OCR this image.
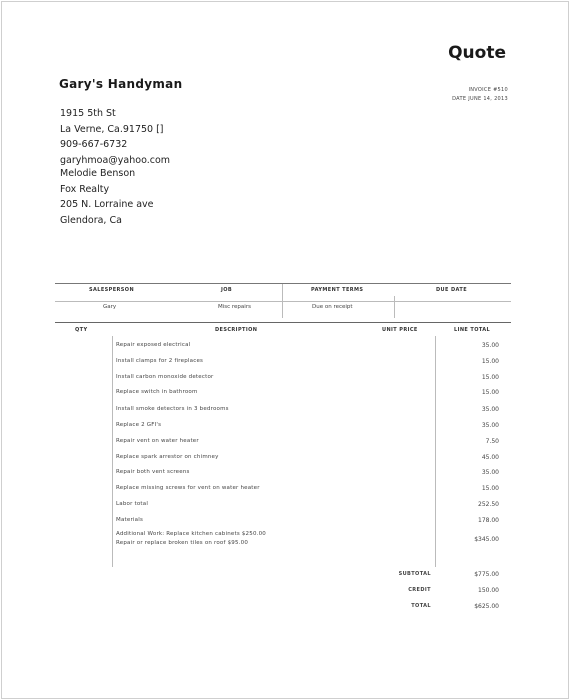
Quote
Gary's Handyman	INVOICE #510
DATE JUNE 14, 2013
1915 5th St
La Verne, Ca.91750 []
909-667-6732
garyhmoa@yahoo.com
Melodie Benson
Fox Realty
205 N. Lorraine ave
Glendora, Ca
SALESPERSON	JOB	PAYMENT TERMS	DUE DATE
Gary	Misc repairs	Due on receipt
QTY	DESCRIPTION	UNIT PRICE	LINE TOTAL
Repair exposed electrical	35.00
Install clamps for 2 fireplaces	15.00
Install carbon monoxide detector	15.00
Replace switch in bathroom	15.00
Install smoke detectors in 3 bedrooms	35.00
Replace 2 GFI's	35.00
Repair vent on water heater	7.50
Replace spark arrestor on chimney	45.00
Repair both vent screens	35.00
Replace missing screws for vent on water heater	15.00
Labor total	252.50
Materials	178.00
Additional Work: Replace kitchen cabinets $250.00
Repair or replace broken tiles on roof $95.00	$345.00
SUBTOTAL	$775.00
CREDIT	150.00
TOTAL	$625.00
